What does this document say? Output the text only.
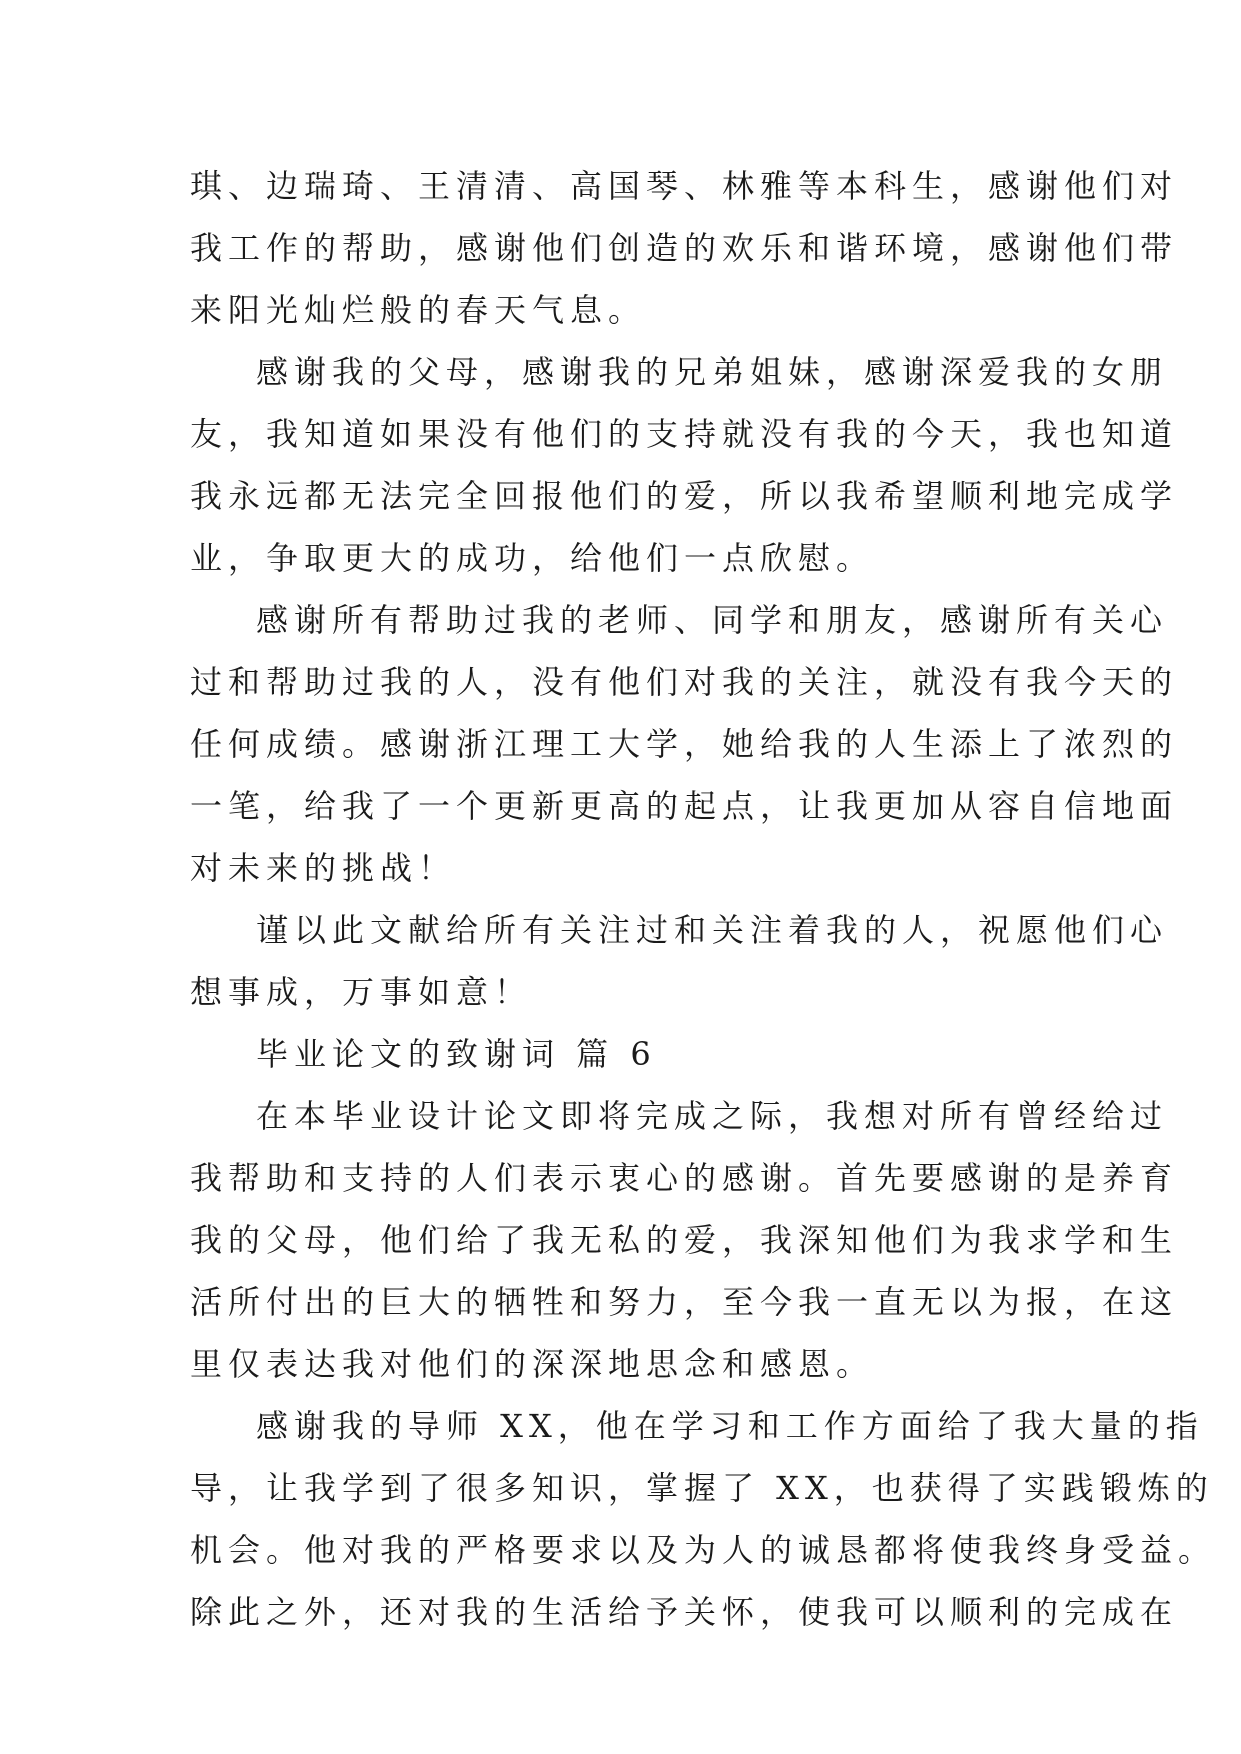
琪、边瑞琦、王清清、高国琴、林雅等本科生，感谢他们对
我工作的帮助，感谢他们创造的欢乐和谐环境，感谢他们带
来阳光灿烂般的春天气息。
感谢我的父母，感谢我的兄弟姐妹，感谢深爱我的女朋
友，我知道如果没有他们的支持就没有我的今天，我也知道
我永远都无法完全回报他们的爱，所以我希望顺利地完成学
业，争取更大的成功，给他们一点欣慰。
感谢所有帮助过我的老师、同学和朋友，感谢所有关心
过和帮助过我的人，没有他们对我的关注，就没有我今天的
任何成绩。感谢浙江理工大学，她给我的人生添上了浓烈的
一笔，给我了一个更新更高的起点，让我更加从容自信地面
对未来的挑战！
谨以此文献给所有关注过和关注着我的人，祝愿他们心
想事成，万事如意！
毕业论文的致谢词 篇 6
在本毕业设计论文即将完成之际，我想对所有曾经给过
我帮助和支持的人们表示衷心的感谢。首先要感谢的是养育
我的父母，他们给了我无私的爱，我深知他们为我求学和生
活所付出的巨大的牺牲和努力，至今我一直无以为报，在这
里仅表达我对他们的深深地思念和感恩。
感谢我的导师 XX，他在学习和工作方面给了我大量的指
导，让我学到了很多知识，掌握了 XX，也获得了实践锻炼的
机会。他对我的严格要求以及为人的诚恳都将使我终身受益。
除此之外，还对我的生活给予关怀，使我可以顺利的完成在
